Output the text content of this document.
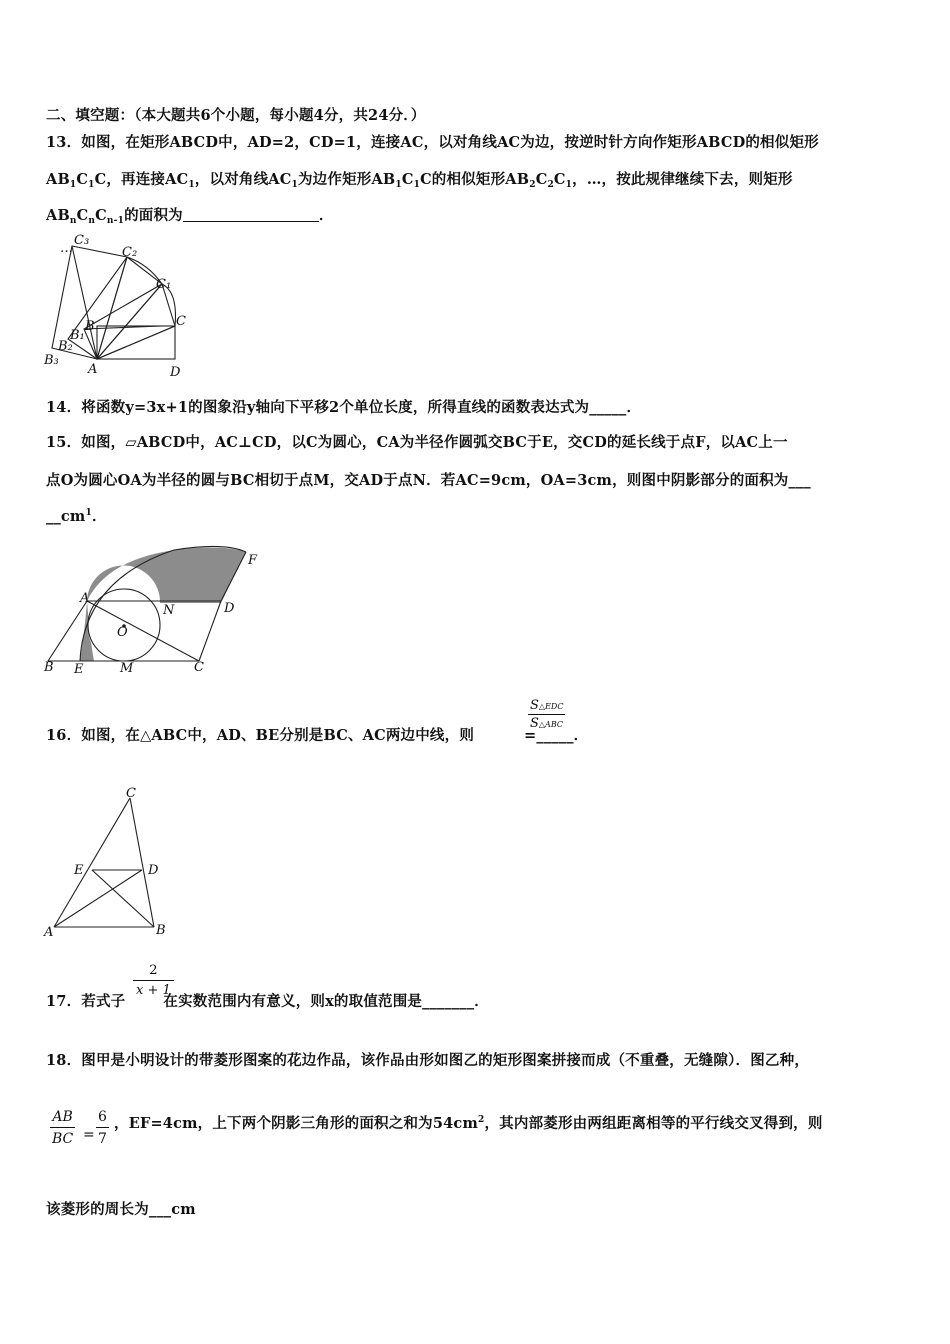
二、填空题：（本大题共6个小题，每小题4分，共24分．）
13．如图，在矩形ABCD中，AD=2，CD=1，连接AC，以对角线AC为边，按逆时针方向作矩形ABCD的相似矩形
$AB_1C_1C$，再连接$AC_1$，以对角线$AC_1$为边作矩形$AB_1C_1C$的相似矩形$AB_2C_2C_1$，…，按此规律继续下去，则矩形
$AB_nC_nC_{n-1}$的面积为	．
C₃
…	C₂
C₁
C
B
B₁
B₂
B₃
A	D
14．将函数y=3x+1的图象沿y轴向下平移2个单位长度，所得直线的函数表达式为_____．
15．如图，▱ABCD中，AC⊥CD，以C为圆心，CA为半径作圆弧交BC于E，交CD的延长线于点F，以AC上一
点O为圆心OA为半径的圆与BC相切于点M，交AD于点N．若AC=9cm，OA=3cm，则图中阴影部分的面积为___
$\_\_cm^1$．
A
B	C
D
E
F
M
N
O
16．如图，在△ABC中，AD、BE分别是BC、AC两边中线，则	=_____．
S△EDC
S△ABC
C
E	D
A	B
17．若式子	在实数范围内有意义，则x的取值范围是_______．
2
x + 1
18．图甲是小明设计的带菱形图案的花边作品，该作品由形如图乙的矩形图案拼接而成（不重叠，无缝隙）．图乙种，
，EF=4cm，上下两个阴影三角形的面积之和为$54cm^2$，其内部菱形由两组距离相等的平行线交叉得到，则
AB
BC =
6
7
该菱形的周长为___cm
